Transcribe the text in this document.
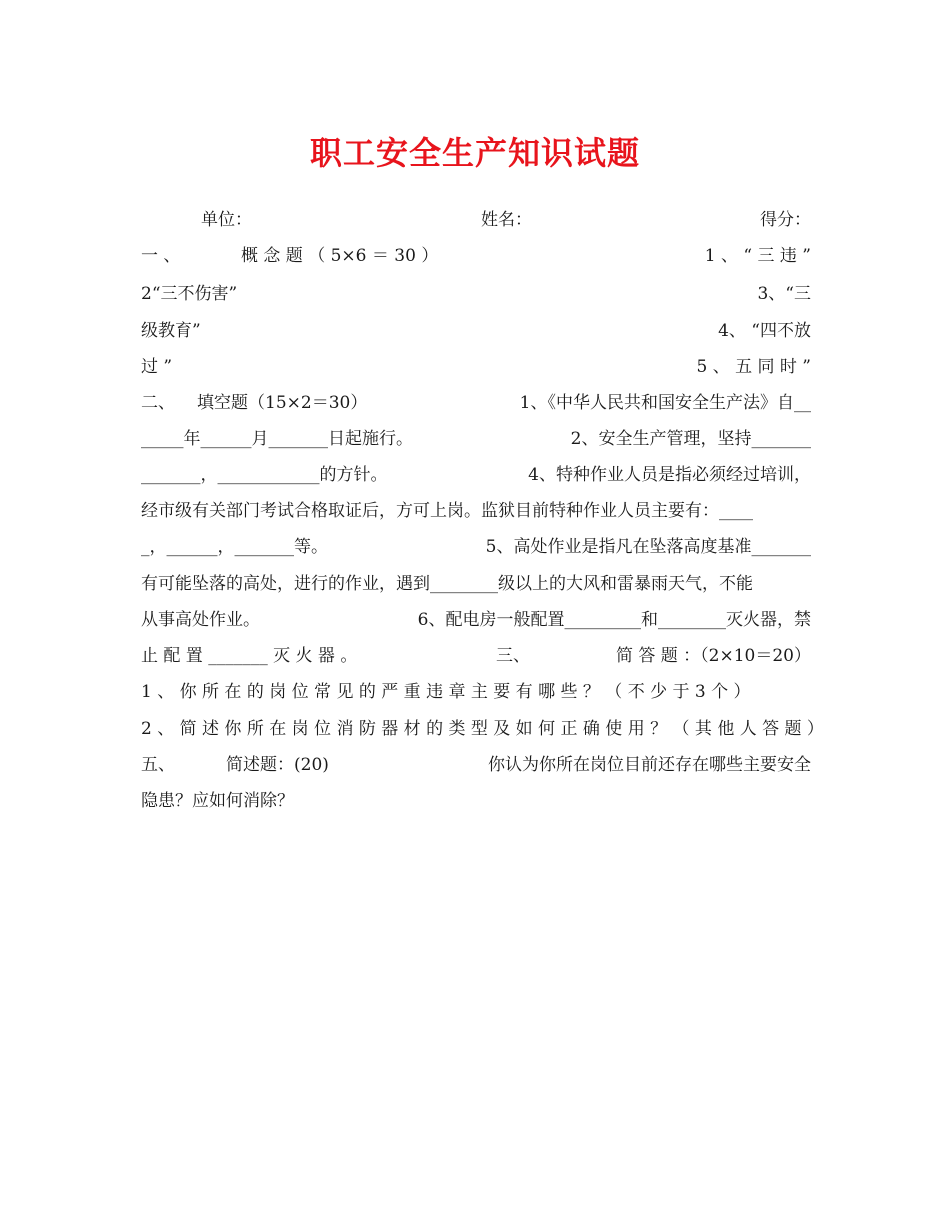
职工安全生产知识试题
单位：	姓名：	得分：
一 、	概 念 题 （ 5×6 ＝ 30 ）	1 、 “ 三 违 ”
2“三不伤害”	3、“三
级教育”	4、 “四不放
过 ”	5 、 五 同 时 ”
二、 填空题（15×2＝30）	1、《中华人民共和国安全生产法》自__
_____年______月_______日起施行。	2、安全生产管理，坚持_______
_______，____________的方针。	4、特种作业人员是指必须经过培训，
经市级有关部门考试合格取证后，方可上岗。监狱目前特种作业人员主要有：____
_，______，_______等。	5、高处作业是指凡在坠落高度基准_______
有可能坠落的高处，进行的作业，遇到________级以上的大风和雷暴雨天气，不能
从事高处作业。	6、配电房一般配置_________和________灭火器，禁
止 配 置 _______ 灭 火 器 。	三、	简 答 题 ：（2×10＝20）
1 、 你 所 在 的 岗 位 常 见 的 严 重 违 章 主 要 有 哪 些 ？ （ 不 少 于 3 个 ）
2 、 简 述 你 所 在 岗 位 消 防 器 材 的 类 型 及 如 何 正 确 使 用 ？ （ 其 他 人 答 题 ）
五、	简述题：(20)	你认为你所在岗位目前还存在哪些主要安全
隐患？应如何消除？
